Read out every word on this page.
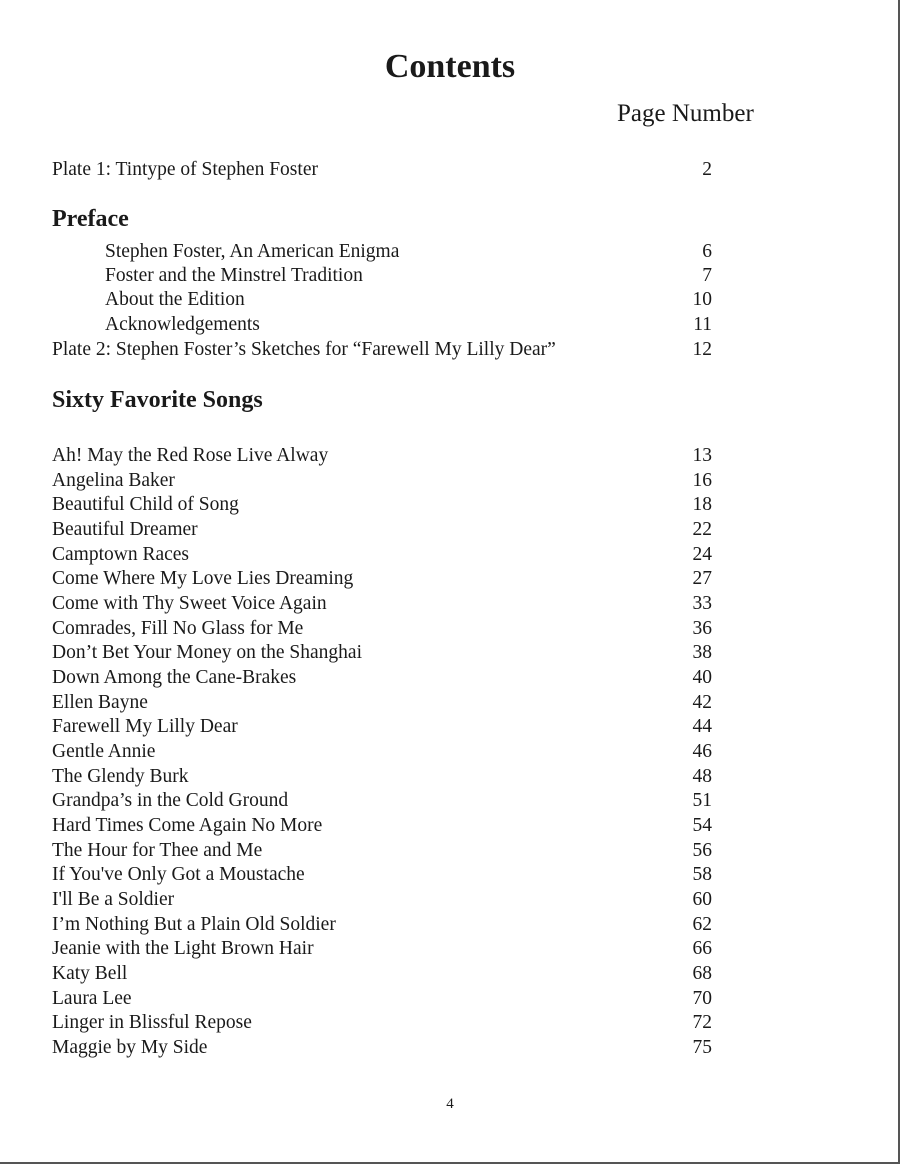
Contents
Page Number
Plate 1: Tintype of Stephen Foster	2
Preface
Stephen Foster, An American Enigma	6
Foster and the Minstrel Tradition	7
About the Edition	10
Acknowledgements	11
Plate 2: Stephen Foster’s Sketches for “Farewell My Lilly Dear”	12
Sixty Favorite Songs
Ah! May the Red Rose Live Alway	13
Angelina Baker	16
Beautiful Child of Song	18
Beautiful Dreamer	22
Camptown Races	24
Come Where My Love Lies Dreaming	27
Come with Thy Sweet Voice Again	33
Comrades, Fill No Glass for Me	36
Don’t Bet Your Money on the Shanghai	38
Down Among the Cane-Brakes	40
Ellen Bayne	42
Farewell My Lilly Dear	44
Gentle Annie	46
The Glendy Burk	48
Grandpa’s in the Cold Ground	51
Hard Times Come Again No More	54
The Hour for Thee and Me	56
If You've Only Got a Moustache	58
I'll Be a Soldier	60
I’m Nothing But a Plain Old Soldier	62
Jeanie with the Light Brown Hair	66
Katy Bell	68
Laura Lee	70
Linger in Blissful Repose	72
Maggie by My Side	75
4
